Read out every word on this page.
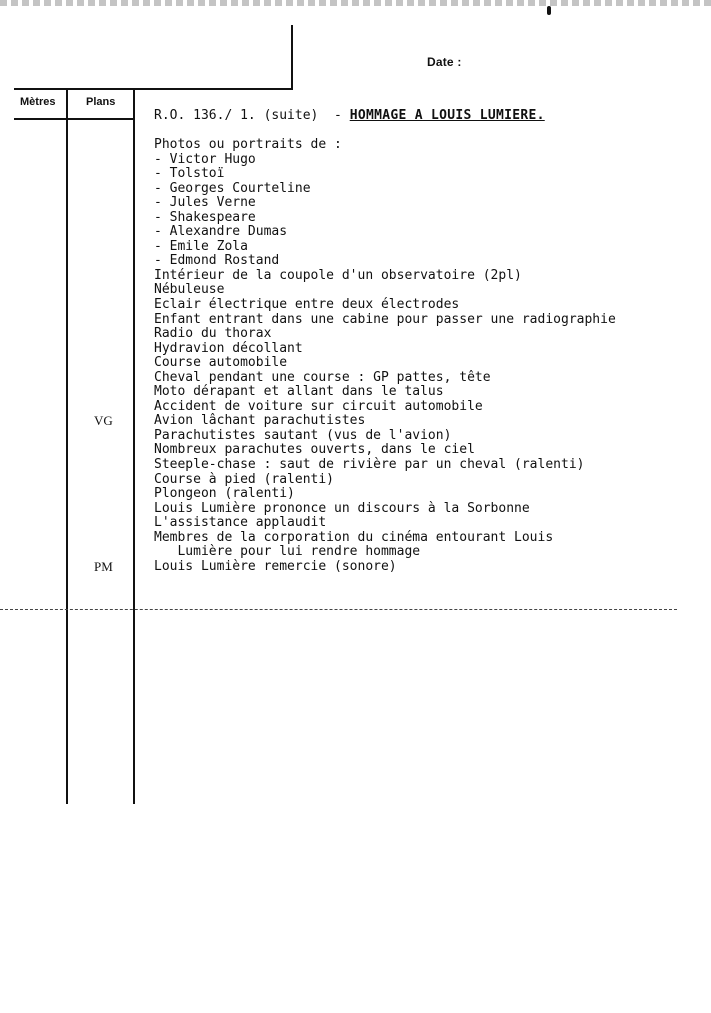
Date :
Mètres	Plans
R.O. 136./ 1. (suite) - HOMMAGE A LOUIS LUMIERE.
Photos ou portraits de :
- Victor Hugo
- Tolstoï
- Georges Courteline
- Jules Verne
- Shakespeare
- Alexandre Dumas
- Emile Zola
- Edmond Rostand
Intérieur de la coupole d'un observatoire (2pl)
Nébuleuse
Eclair électrique entre deux électrodes
Enfant entrant dans une cabine pour passer une radiographie
Radio du thorax
Hydravion décollant
Course automobile
Cheval pendant une course : GP pattes, tête
Moto dérapant et allant dans le talus
Accident de voiture sur circuit automobile
Avion lâchant parachutistes
Parachutistes sautant (vus de l'avion)
Nombreux parachutes ouverts, dans le ciel
Steeple-chase : saut de rivière par un cheval (ralenti)
Course à pied (ralenti)
Plongeon (ralenti)
Louis Lumière prononce un discours à la Sorbonne
L'assistance applaudit
Membres de la corporation du cinéma entourant Louis
Lumière pour lui rendre hommage
Louis Lumière remercie (sonore)
VG
PM
